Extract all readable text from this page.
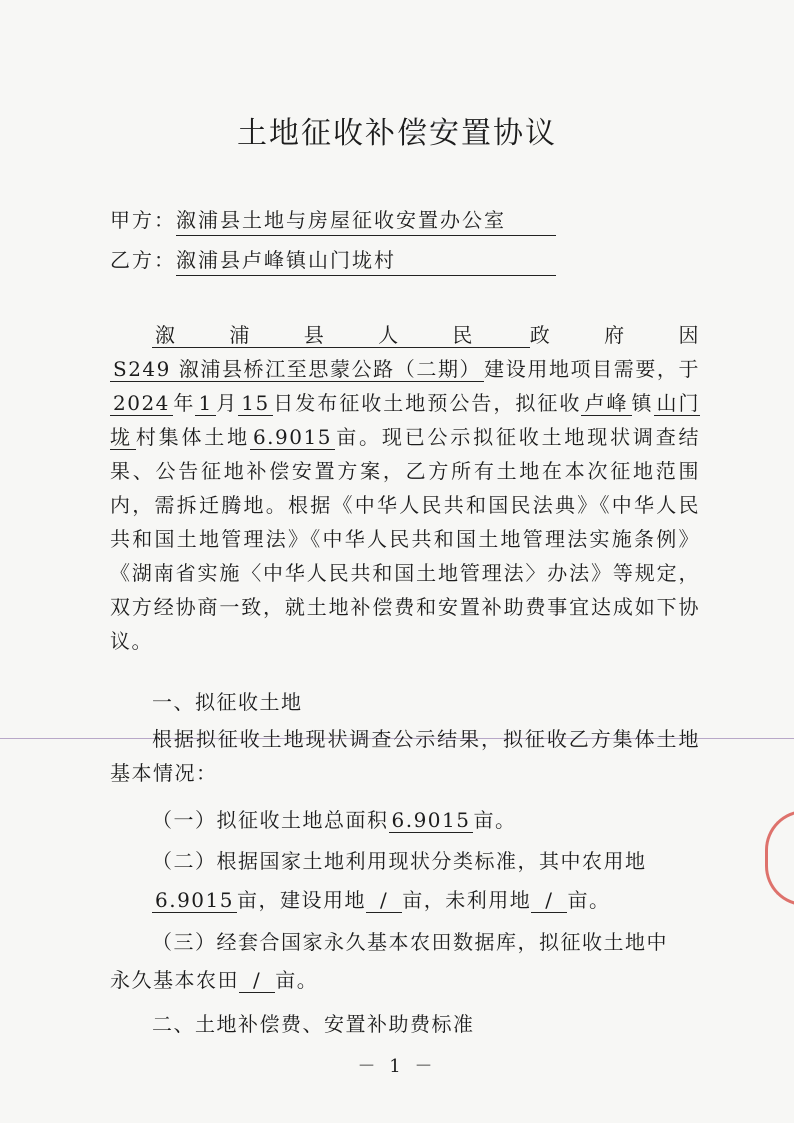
土地征收补偿安置协议
甲方：溆浦县土地与房屋征收安置办公室
乙方：溆浦县卢峰镇山门垅村
溆浦县人民 政府因S249 溆浦县桥江至思蒙公路（二期） 建设用地项目需要，于2024 年 1 月 15 日发布征收土地预公告，拟征收 卢峰 镇 山门垅 村集体土地 6.9015 亩。现已公示拟征收土地现状调查结果、公告征地补偿安置方案，乙方所有土地在本次征地范围内，需拆迁腾地。根据《中华人民共和国民法典》《中华人民共和国土地管理法》《中华人民共和国土地管理法实施条例》《湖南省实施〈中华人民共和国土地管理法〉办法》等规定，双方经协商一致，就土地补偿费和安置补助费事宜达成如下协议。
一、拟征收土地
根据拟征收土地现状调查公示结果，拟征收乙方集体土地基本情况：
（一）拟征收土地总面积 6.9015 亩。
（二）根据国家土地利用现状分类标准，其中农用地
6.9015 亩，建设用地 / 亩，未利用地 / 亩。
（三）经套合国家永久基本农田数据库，拟征收土地中
永久基本农田 / 亩。
二、土地补偿费、安置补助费标准
－ 1 －
